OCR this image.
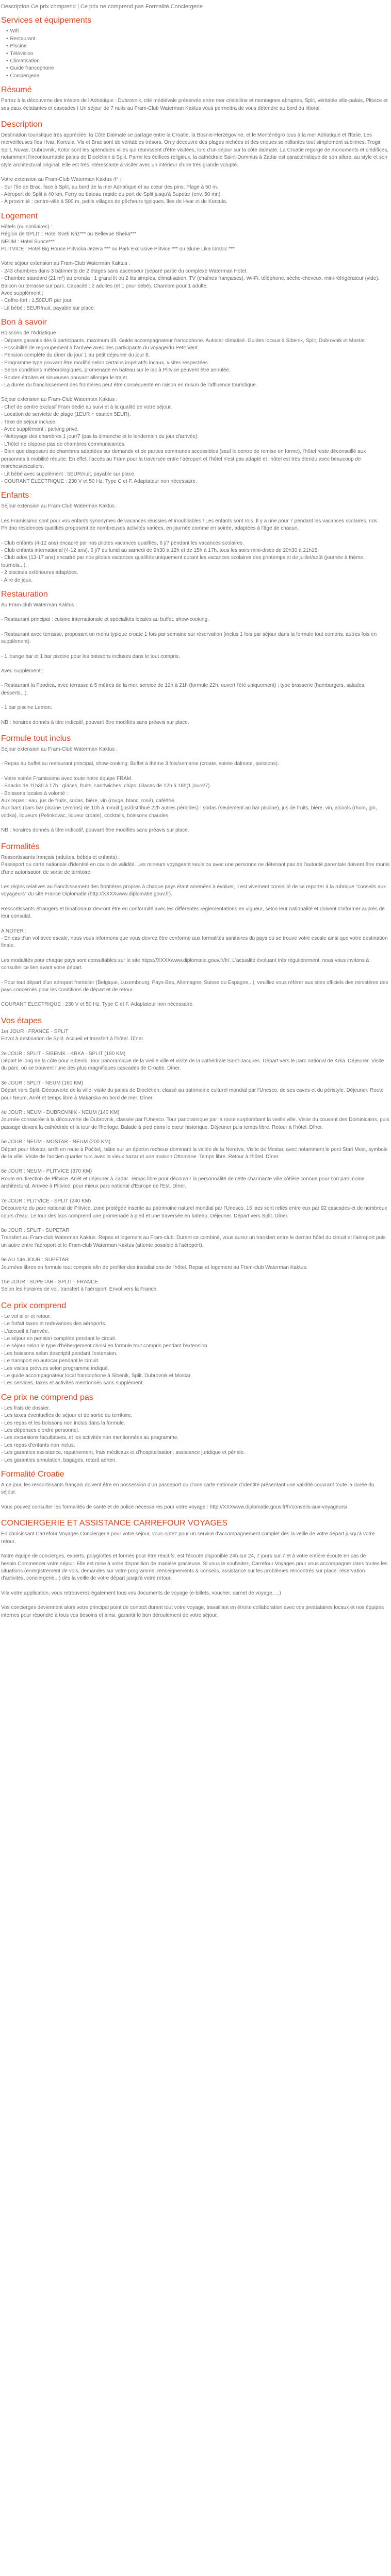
Description Ce prix comprend | Ce prix ne comprend pas Formalité Conciergerie
Services et équipements
• Wifi
• Restaurant
• Piscine
• Télévision
• Climatisation
• Guide francophone
• Conciergerie
Résumé

Partez à la découverte des trésors de l'Adriatique : Dubrovnik, cité médiévale préservée entre mer cristalline et montagnes abruptes, Split, véritable ville-palais, Plitvice et ses eaux éclatantes et cascades ! Un séjour de 7 nuits au Fram-Club Waterman Kaktus vous permettra de vous détendre au bord du littoral.

Description

Destination touristique très appréciée, la Côte Dalmate se partage entre la Croatie, la Bosnie-Herzégovine, et le Monténégro tous à la mer Adriatique et l'Italie. Les merveilleuses îles Hvar, Korcula, Vis et Brac sont de véritables trésors. On y découvre des plages nichées et des criques scintillantes tout simplement sublimes. Trogir, Split, Nuvas, Dubrovnik, Kotor sont les splendides villes qui réunissent d'être visitées, lors d'un séjour sur la côte dalmate. La Croatie regorge de monuments et d'édifices, notamment l'incontournable palais de Dioclétien à Split. Parmi les édifices religieux, la cathédrale Saint-Domnius à Zadar est caractéristique de son allure, au style et son style architectural original. Elle est très intéressante à visiter avec un intérieur d'une très grande volupté.

Votre extension au Fram-Club Waterman Kaktus 4* :
- Sur l'île de Brac, face à Split, au bord de la mer Adriatique et au cœur des pins. Plage à 50 m.
- Aéroport de Split à 40 km. Ferry ou bateau rapide du port de Split jusqu'à Supetar (env. 50 mn).
- À proximité : centre-ville à 500 m, petits villages de pêcheurs typiques, îles de Hvar et de Korcula.
Logement
Hôtels (ou similaires) :
Région de SPLIT : Hotel Sveti Kriz*** ou Bellevue Sheka***
NEUM : Hotel Sunce***
PLITVICE : Hotel Big House Plitvicka Jezera *** ou Park Exclusive Plitvice *** ou Slune Lika Grabic ***
Votre séjour extension au Fram-Club Waterman Kaktus :
- 243 chambres dans 3 bâtiments de 2 étages sans ascenseur (séparé partie du complexe Waterman Hotel.
- Chambre standard (21 m²) au prorata : 1 grand lit ou 2 lits simples, climatisation, TV (chaînes françaises), Wi-Fi, téléphone, sèche-cheveux, mini-réfrigérateur (vide). Balcon ou terrasse sur parc. Capacité : 2 adultes (et 1 pour bébé). Chambre pour 1 adulte.
Avec supplément :
- Coffre-fort : 1,50EUR par jour.
- Lit bébé : 5EUR/nuit, payable sur place.
Bon à savoir
Boissons de l'Adriatique :
- Départs garantis dès 6 participants, maximum 49. Guide accompagnateur francophone. Autocar climatisé. Guides locaux à Sibenik, Split, Dubrovnik et Mostar.
- Possibilité de regroupement à l'arrivée avec des participants du voyage/du Petit Vent.
- Pension complète du dîner du jour 1 au petit déjeuner du jour 8.
- Programme type pouvant être modifié selon certains impératifs locaux, visites respectées.
- Selon conditions météorologiques, promenade en bateau sur le lac à Plitvice peuvent être annulée.
- Boutes étroites et sinueuses pouvant allonger le trajet.
- La durée du franchissement des frontières peut être conséquente en raison en raison de l'affluence touristique.
Séjour extension au Fram-Club Waterman Kaktus :
- Chef de centre exclusif Fram dédié au suivi et à la qualité de votre séjour.
- Location de serviette de plage (1EUR + caution 5EUR).
- Taxe de séjour incluse.
- Avec supplément : parking privé.
- Nettoyage des chambres 1 jour/7 (pas la dimanche et le lendemain du jour d'arrivée).
- L'hôtel ne dispose pas de chambres communicantes.
- Bien que disposant de chambres adaptées sur demande et de parties communes accessibles (sauf le centre de remise en forme), l'hôtel reste déconseillé aux personnes à mobilité réduite. En effet, l'accès au Fram pour la traversée entre l'aéroport et l'hôtel n'est pas adapté et l'hôtel est très étendu avec beaucoup de marches/escaliers.
- Lit bébé avec supplément : 5EUR/nuit, payable sur place.
- COURANT ÉLECTRIQUE : 230 V et 50 Hz. Type C et F. Adaptateur non nécessaire.
Enfants

Séjour extension au Fram-Club Waterman Kaktus :

Les Framissimo sont pour vos enfants synonymes de vacances réussies et inoubliables ! Les enfants sont rois. Il y a une pour 7 pendant les vacances scolaires, nos Phidno résidences qualifiés proposent de nombreuses activités variées, en journée comme en soirée, adaptées à l'âge de chacun.

- Club enfants (4-12 ans) encadré par nos pilotes vacances qualifiés, 6 j/7 pendant les vacances scolaires.
- Club enfants international (4-12 ans), 6 j/7 du lundi au samedi de 9h30 à 12h et de 15h à 17h, tous les soirs mini-disco de 20h30 à 21h15.
- Club ados (13-17 ans) encadré par nos pilotes vacances qualifiés uniquement durant les vacances scolaires des printemps et de juillet/août (journée à thème, tournois...).
- 2 piscines extérieures adaptées.
- Aire de jeux.
Restauration

Au Fram-club Waterman Kaktus :

- Restaurant principal : cuisine internationale et spécialités locales au buffet, show-cooking.

- Restaurant avec terrasse, proposant un menu typique croate 1 fois par semaine sur réservation (inclus 1 fois par séjour dans la formule tout compris, autres fois en supplément).

- 1 lounge bar et 1 bar piscine pour les boissons incluses dans le tout compris.

Avec supplément :

- Restaurant la Foodica, avec terrasse à 5 mètres de la mer, service de 12h à 21h (formule 22h, ouvert l'été uniquement) : type brasserie (hamburgers, salades, desserts...).

- 1 bar piscine Lemon.

NB : horaires donnés à titre indicatif, pouvant être modifiés sans préavis sur place.

Formule tout inclus

Séjour extension au Fram-Club Waterman Kaktus :

- Repas au buffet au restaurant principal, show-cooking. Buffet à thème 3 fois/semaine (croate, soirée dalmate, poissons).

- Votre soirée Framissimo avec toute notre équipe FRAM.
- Snacks de 11h30 à 17h : glaces, fruits, sandwiches, chips. Glaces de 12h à 18h(1 jours/7).
- Boissons locales à volonté :
Aux repas : eau, jus de fruits, sodas, bière, vin (rouge, blanc, rosé), café/thé.
Aux bars (bars bar piscine Lemons) de 10h à minuit (jus/distribué 22h autres périodes) : sodas (seulement au bar piscine), jus de fruits, bière, vin, alcools (rhum, gin, vodka), liqueurs (Pelinkovac, liqueur croate), cocktails, boissons chaudes.

NB : horaires donnés à titre indicatif, pouvant être modifiés sans préavis sur place.

Formalités
Ressortissants français (adultes, bébés et enfants) :
Passeport ou carte nationale d'identité en cours de validité. Les mineurs voyageant seuls ou avec une personne ne détenant pas de l'autorité parentale doivent être munis d'une autorisation de sortie de territoire.

Les règles relatives au franchissement des frontières propres à chaque pays étant amenées à évoluer, il est vivement conseillé de se reporter à la rubrique "conseils aux voyageurs" du site France Diplomatie (http://XXXXwww.diplomatie.gouv.fr).

Ressortissants étrangers et binationaux devront être en conformité avec les différentes réglementations en vigueur, selon leur nationalité et doivent s'informer auprès de leur consulat.

A NOTER :
- En cas d'un vol avec escale, nous vous informons que vous devrez être conforme aux formalités sanitaires du pays où se trouve votre escale ainsi que votre destination finale.

Les modalités pour chaque pays sont consultables sur le site https://XXXXwww.diplomatie.gouv.fr/fr/. L'actualité évoluant très régulièrement, nous vous invitons à consulter ce lien avant votre départ.

- Pour tout départ d'un aéroport frontalier (Belgique, Luxembourg, Pays-Bas, Allemagne, Suisse ou Espagne...), veuillez vous référer aux sites officiels des ministères des pays concernés pour les conditions de départ et de retour.

COURANT ÉLECTRIQUE : 230 V et 50 Hz. Type C et F. Adaptateur non nécessaire.

Vos étapes

1er JOUR : FRANCE - SPLIT
Envol à destination de Split. Accueil et transfert à l'hôtel. Dîner.

2e JOUR : SPLIT - SIBENIK - KRKA - SPLIT (180 KM)
Départ le long de la côte pour Sibenik. Tour panoramique de la vieille ville et visite de la cathédrale Saint-Jacques. Départ vers le parc national de Krka. Déjeuner. Visite du parc, où se trouvent l'une des plus magnifiques cascades de Croatie. Dîner.

3e JOUR : SPLIT - NEUM (160 KM)
Départ vers Split. Découverte de la ville, visite du palais de Dioclétien, classé au patrimoine culturel mondial par l'Unesco, de ses caves et du péristyle. Déjeuner. Route pour Neum, Arrêt et temps libre à Makarska en bord de mer. Dîner.

4e JOUR : NEUM - DUBROVNIK - NEUM (140 KM)
Journée consacrée à la découverte de Dubrovnik, classée par l'Unesco. Tour panoramique par la route surplombant la vieille ville. Visite du couvent des Dominicains, puis passage devant la cathédrale et la tour de l'horloge. Balade à pied dans le cœur historique. Déjeuner puis temps libre. Retour à l'hôtel. Dîner.

5e JOUR : NEUM - MOSTAR - NEUM (200 KM)
Départ pour Mostar, arrêt en route à Počitelj, bâtie sur un éperon rocheux dominant la vallée de la Neretva. Visite de Mostar, avec notamment le pont Stari Most, symbole de la ville. Visite de l'ancien quartier turc avec la vieux bazar et une maison Ottomane. Temps libre. Retour à l'hôtel. Dîner.

6e JOUR : NEUM - PLITVICE (370 KM)
Route en direction de Plitvice. Arrêt et déjeuner à Zadar. Temps libre pour découvrir la personnalité de cette charmante ville côtière connue pour son patrimoine architectural. Arrivée à Plitvice, pour mieux parc national d'Europe de l'Est. Dîner.

7e JOUR : PLITVICE - SPLIT (240 KM)
Découverte du parc national de Plitvice, zone protégée inscrite au patrimoine naturel mondial par l'Unesco. 16 lacs sont reliés entre eux par 92 cascades et de nombreux cours d'eau. Le tour des lacs comprend une promenade à pied et une traversée en bateau. Déjeuner. Départ vers Split. Dîner.

8e JOUR : SPLIT - SUPETAR
Transfert au Fram-club Waterman Kaktus. Repas et logement au Fram-club. Durant ce combiné, vous aurez un transfert entre le dernier hôtel du circuit et l'aéroport puis un autre entre l'aéroport et le Fram-club Waterman Kaktus (attente possible à l'aéroport).

9e AU 14e JOUR : SUPETAR
Journées libres en formule tout compris afin de profiter des installations de l'hôtel. Repas et logement au Fram-club Waterman Kaktus.

15e JOUR : SUPETAR - SPLIT - FRANCE
Selon les horaires de vol, transfert à l'aéroport. Envol vers la France.

Ce prix comprend
- Le vol aller et retour.
- Le forfait taxes et redevances des aéroports.
- L'accueil à l'arrivée.
- Le séjour en pension complète pendant le circuit.
- Le séjour selon le type d'hébergement choisi en formule tout compris pendant l'extension.
- Les boissons selon descriptif pendant l'extension.
- Le transport en autocar pendant le circuit.
- Les visites prévues selon programme indiqué.
- Le guide accompagnateur local francophone à Sibenik, Split, Dubrovnik et Mostar.
- Les services, taxes et activités mentionnés sans supplément.
Ce prix ne comprend pas
- Les frais de dossier.
- Les taxes éventuelles de séjour et de sortie du territoire.
- Les repas et les boissons non inclus dans la formule.
- Les dépenses d'ordre personnel.
- Les excursions facultatives, et les activités non mentionnées au programme.
- Les repas d'enfants non inclus.
- Les garanties assistance, rapatriement, frais médicaux et d'hospitalisation, assistance juridique et pénale.
- Les garanties annulation, bagages, retard aérien.
Formalité Croatie

À ce jour, les ressortissants français doivent être en possession d'un passeport ou d'une carte nationale d'identité présentant une validité couvrant toute la durée du séjour.

Vous pouvez consulter les formalités de santé et de police nécessaires pour votre voyage : http://XXXwww.diplomatie.gouv.fr/fr/conseils-aux-voyageurs/

CONCIERGERIE ET ASSISTANCE CARREFOUR VOYAGES

En choisissant Carrefour Voyages Conciergerie pour votre séjour, vous optez pour un service d'accompagnement complet dès la veille de votre départ jusqu'à votre retour.

Notre équipe de concierges, experts, polyglottes et formés pour être réactifs, est l'écoute disponible 24h sur 24, 7 jours sur 7 et à votre entière écoute en cas de besoin.Commencer votre séjour. Elle est mise à votre disposition de manière gracieuse. Si vous le souhaitez, Carrefour Voyages pour vous accompagner dans toutes les situations (enregistrement de vols, demandes sur votre programme, renseignements & conseils, assistance sur les problèmes rencontrés sur place, réservation d'activités, conciergerie...) dès la veille de votre départ jusqu'à votre retour.

Vila votre application, vous retrouverez également tous vos documents de voyage (e-billets, voucher, carnet de voyage, ...)

Vos concierges deviennent alors votre principal point de contact durant tout votre voyage, travaillant en étroite collaboration avec vos prestataires locaux et nos équipes internes pour répondre à tous vos besoins et ainsi, garantir le bon déroulement de votre séjour.
